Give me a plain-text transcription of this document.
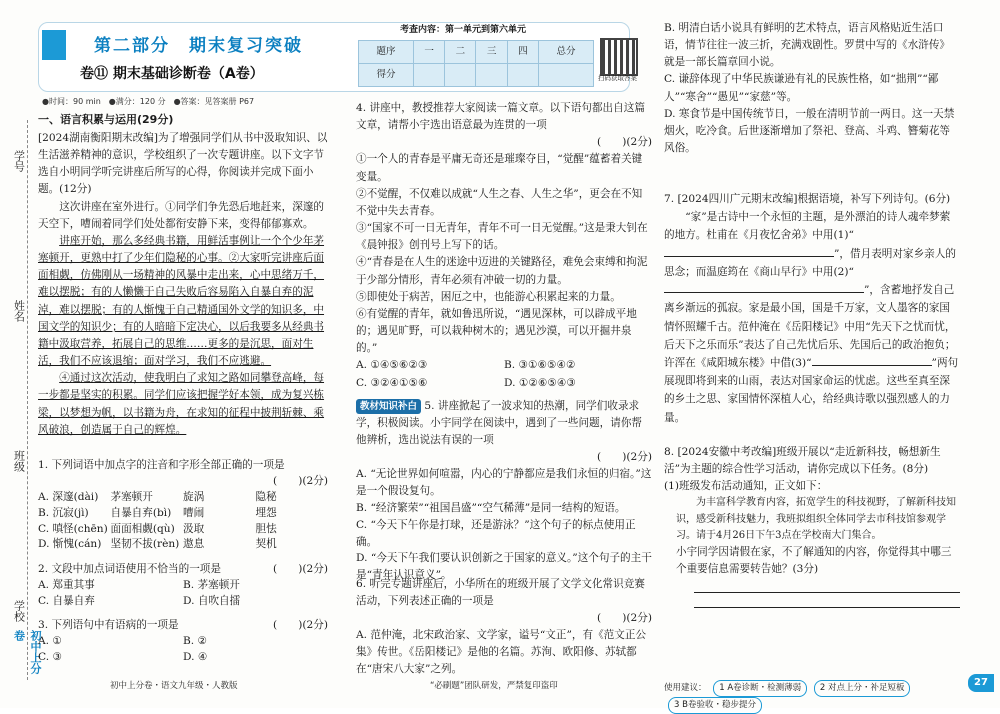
学号
姓名
班级
学校
初中上分卷
第二部分　期末复习突破
卷⑪ 期末基础诊断卷（A卷）
考查内容：第一单元到第六单元
题序	一	二	三	四	总分
得分						扫码获取答案
●时间：90 min　●满分：120 分　●答案：见答案册 P67
一、语言积累与运用(29分)

[2024湖南衡阳期末改编]为了增强同学们从书中汲取知识、以生活滋养精神的意识，学校组织了一次专题讲座。以下文字节选自小明同学听完讲座后所写的心得，你阅读并完成下面小题。(12分)

这次讲座在室外进行。①同学们争先恐后地赶来，深邃的天空下，嘈闹着同学们处处都衔安静下来，变得郁郁寡欢。

讲座开始，那么多经典书籍，用鲜活事例让一个个少年茅塞顿开，更熟中打了少年们隐秘的心事。②大家听完讲座后面面相觑，仿佛刚从一场精神的风暴中走出来，心中思绪万千，难以摆脱；有的人懒懒于自己失败后容易陷入自暴自弃的泥淖，难以摆脱；有的人惭愧于自己精通国外文学的知识多，中国文学的知识少；有的人暗暗下定决心，以后我要多从经典书籍中汲取营养，拓展自己的思维……更多的是沉思，面对生活，我们不应该退缩；面对学习，我们不应逃避。

④通过这次活动，使我明白了求知之路如同攀登高峰，每一步都是坚实的积累。同学们应该把握学好本领，成为复兴栋梁，以梦想为帆，以书籍为舟，在求知的征程中披荆斩棘、乘风破浪，创造属于自己的辉煌。

1. 下列词语中加点字的注音和字形全部正确的一项是

(　　)(2分)

A. 深邃(dài)	茅塞顿开	旋涡	隐秘
B. 沉寂(jì)	自暴自弃(bì)	嘈闹	埋怨
C. 嗔怪(chēn) 面面相觑(qù) 汲取	胆怯
D. 惭愧(cán) 坚韧不拔(rèn) 遨息	契机

2. 文段中加点词语使用不恰当的一项是	(　　)(2分)

A. 郑重其事	B. 茅塞顿开
C. 自暴自弃	D. 自吹自擂

3. 下列语句中有语病的一项是	(　　)(2分)

A. ①	B. ②
C. ③	D. ④
初中上分卷・语文九年级・人教版

4. 讲座中，教授推荐大家阅读一篇文章。以下语句都出自这篇文章，请帮小宇选出语意最为连贯的一项

(　　)(2分)

①一个人的青春是平庸无奇还是璀璨夺目，“觉醒”蕴蓄着关键变量。

②不觉醒，不仅难以成就“人生之春、人生之华”，更会在不知不觉中失去青春。

③“国家不可一日无青年，青年不可一日无觉醒。”这是秉大钊在《晨钟报》创刊号上写下的话。

④“青春是在人生的迷途中迈进的关键路径，难免会束缚和拘泥于少部分情形，青年必须有冲破一切的力量。

⑤即使处于病苦，困厄之中，也能游心积累起来的力量。

⑥有觉醒的青年，就如鲁迅所说，“遇见深林，可以辟成平地的；遇见旷野，可以栽种树木的；遇见沙漠，可以开掘井泉的。”

A. ①④⑤⑥②③	B. ③①⑥⑤④②
C. ③②④①⑤⑥	D. ①②⑥⑤④③

教材知识补白 5. 讲座掀起了一波求知的热潮，同学们收录求学，积极阅读。小宇同学在阅读中，遇到了一些问题，请你帮他辨析，选出说法有误的一项

(　　)(2分)

A. “无论世界如何喧嚣，内心的宁静都应是我们永恒的归宿。”这是一个假设复句。

B. “经济繁荣”“祖国昌盛”“空气稀薄”是同一结构的短语。

C. “今天下午你是打球，还是游泳？”这个句子的标点使用正确。

D. “今天下午我们要认识创新之于国家的意义。”这个句子的主干是“青年认识意义”。

6. 听完专题讲座后，小华所在的班级开展了文学文化常识竞赛活动，下列表述正确的一项是

(　　)(2分)

A. 范仲淹，北宋政治家、文学家，谥号“文正”，有《范文正公集》传世。《岳阳楼记》是他的名篇。苏洵、欧阳修、苏轼都在“唐宋八大家”之列。

“必刷题”团队研发，严禁复印盗印

B. 明清白话小说具有鲜明的艺术特点，语言风格贴近生活口语，情节往往一波三折，充满戏剧性。罗贯中写的《水浒传》就是一部长篇章回小说。

C. 谦辞体现了中华民族谦逊有礼的民族性格，如“拙荆”“鄙人”“寒舍”“愚见”“家慈”等。

D. 寒食节是中国传统节日，一般在清明节前一两日。这一天禁烟火，吃冷食。后世逐渐增加了祭祀、登高、斗鸡、簪菊花等风俗。

7. [2024四川广元期末改编]根据语境，补写下列诗句。(6分)

“家”是古诗中一个永恒的主题，是外漂泊的诗人魂牵梦萦的地方。杜甫在《月夜忆舍弟》中用(1)“”，借月表明对家乡亲人的思念；而温庭筠在《商山早行》中用(2)“”，含蓄地抒发自己离乡渐远的孤寂。家是最小国，国是千万家，文人墨客的家国情怀照耀千古。范仲淹在《岳阳楼记》中用“先天下之忧而忧，后天下之乐而乐”表达了自己先忧后乐、先国后己的政治抱负；许浑在《咸阳城东楼》中借(3)“	”两句展现即将到来的山雨，表达对国家命运的忧虑。这些至真至深的乡土之思、家国情怀深植人心，给经典诗歌以强烈感人的力量。

8. [2024安徽中考改编]班级开展以“走近新科技，畅想新生活”为主题的综合性学习活动，请你完成以下任务。(8分)

(1)班级发布活动通知，正文如下：

为丰富科学教育内容，拓宽学生的科技视野，了解新科技知识，感受新科技魅力，我班拟组织全体同学去市科技馆参观学习。请于4月26日下午3点在学校南大门集合。

小宇同学因请假在家，不了解通知的内容，你觉得其中哪三个重要信息需要转告她？(3分)

使用建议： 1 A卷诊断・检测薄弱 2 对点上分・补足短板 3 B卷验收・稳步提分
27
